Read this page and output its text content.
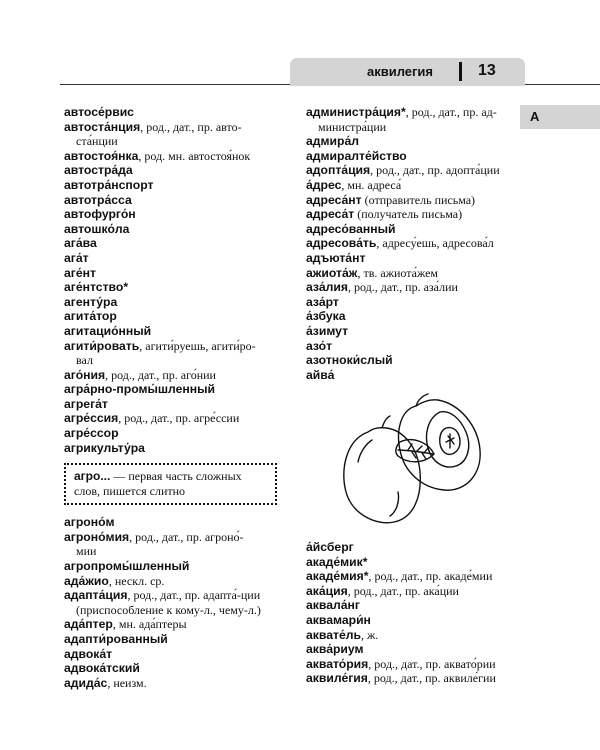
аквилегия	13
А
автосе́рвис
автоста́нция, род., дат., пр. авто-
ста́нции
автостоя́нка, род. мн. автостоя́нок
автостра́да
автотра́нспорт
автотра́сса
автофурго́н
автошко́ла
ага́ва
ага́т
аге́нт
аге́нтство*
агенту́ра
агита́тор
агитацио́нный
агити́ровать, агити́руешь, агити́ро-
вал
аго́ния, род., дат., пр. аго́нии
агра́рно-промы́шленный
агрега́т
агре́ссия, род., дат., пр. агре́ссии
агре́ссор
агрикульту́ра
агро... — первая часть сложных слов, пишется слитно
агроно́м
агроно́мия, род., дат., пр. агроно́-
мии
агропромы́шленный
ада́жио, нескл. ср.
адапта́ция, род., дат., пр. адапта́-ции
(приспособление к кому-л., чему-л.)
ада́птер, мн. ада́птеры
адапти́рованный
адвока́т
адвока́тский
адида́с, неизм.
администра́ция*, род., дат., пр. ад-
министра́ции
адмира́л
адмиралте́йство
адопта́ция, род., дат., пр. адопта́ции
а́дрес, мн. адреса́
адреса́нт (отправитель письма)
адреса́т (получатель письма)
адресо́ванный
адресова́ть, адресу́ешь, адресова́л
адъюта́нт
ажиота́ж, тв. ажиота́жем
аза́лия, род., дат., пр. аза́лии
аза́рт
а́збука
а́зимут
азо́т
азотноки́слый
айва́
а́йсберг
акаде́мик*
акаде́мия*, род., дат., пр. акаде́мии
ака́ция, род., дат., пр. ака́ции
аквала́нг
аквамари́н
аквате́ль, ж.
аква́риум
аквато́рия, род., дат., пр. аквато́рии
аквиле́гия, род., дат., пр. аквиле́гии
